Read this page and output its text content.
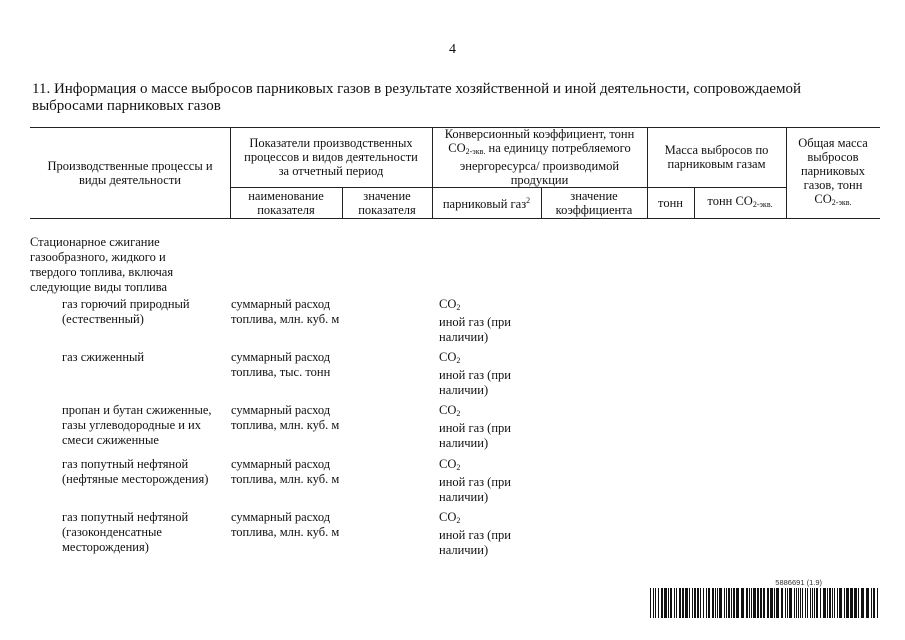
4
11. Информация о массе выбросов парниковых газов в результате хозяйственной и иной деятельности, сопровождаемой выбросами парниковых газов
Производственные процессы и виды деятельности
Показатели производственных процессов и видов деятельности за отчетный период
наименование показателя
значение показателя
Конверсионный коэффициент, тонн $CO_{2-экв.}$ на единицу потребляемого энергоресурса/ производимой продукции
парниковый газ$^2$	значение коэффициента
Масса выбросов по парниковым газам
тонн тонн $CO_{2-экв.}$
Общая масса выбросов парниковых газов, тонн $CO_{2-экв.}$
Стационарное сжигание газообразного, жидкого и твердого топлива, включая следующие виды топлива
газ горючий природный (естественный)
суммарный расход топлива, млн. куб. м
$CO_2$
иной газ (при наличии)
газ сжиженный	суммарный расход топлива, тыс. тонн
$CO_2$
иной газ (при наличии)
пропан и бутан сжиженные, газы углеводородные и их смеси сжиженные
суммарный расход топлива, млн. куб. м
$CO_2$
иной газ (при наличии)
газ попутный нефтяной (нефтяные месторождения)
суммарный расход топлива, млн. куб. м
$CO_2$
иной газ (при наличии)
газ попутный нефтяной (газоконденсатные месторождения)
суммарный расход топлива, млн. куб. м
$CO_2$
иной газ (при наличии)
5886691 (1.9)
